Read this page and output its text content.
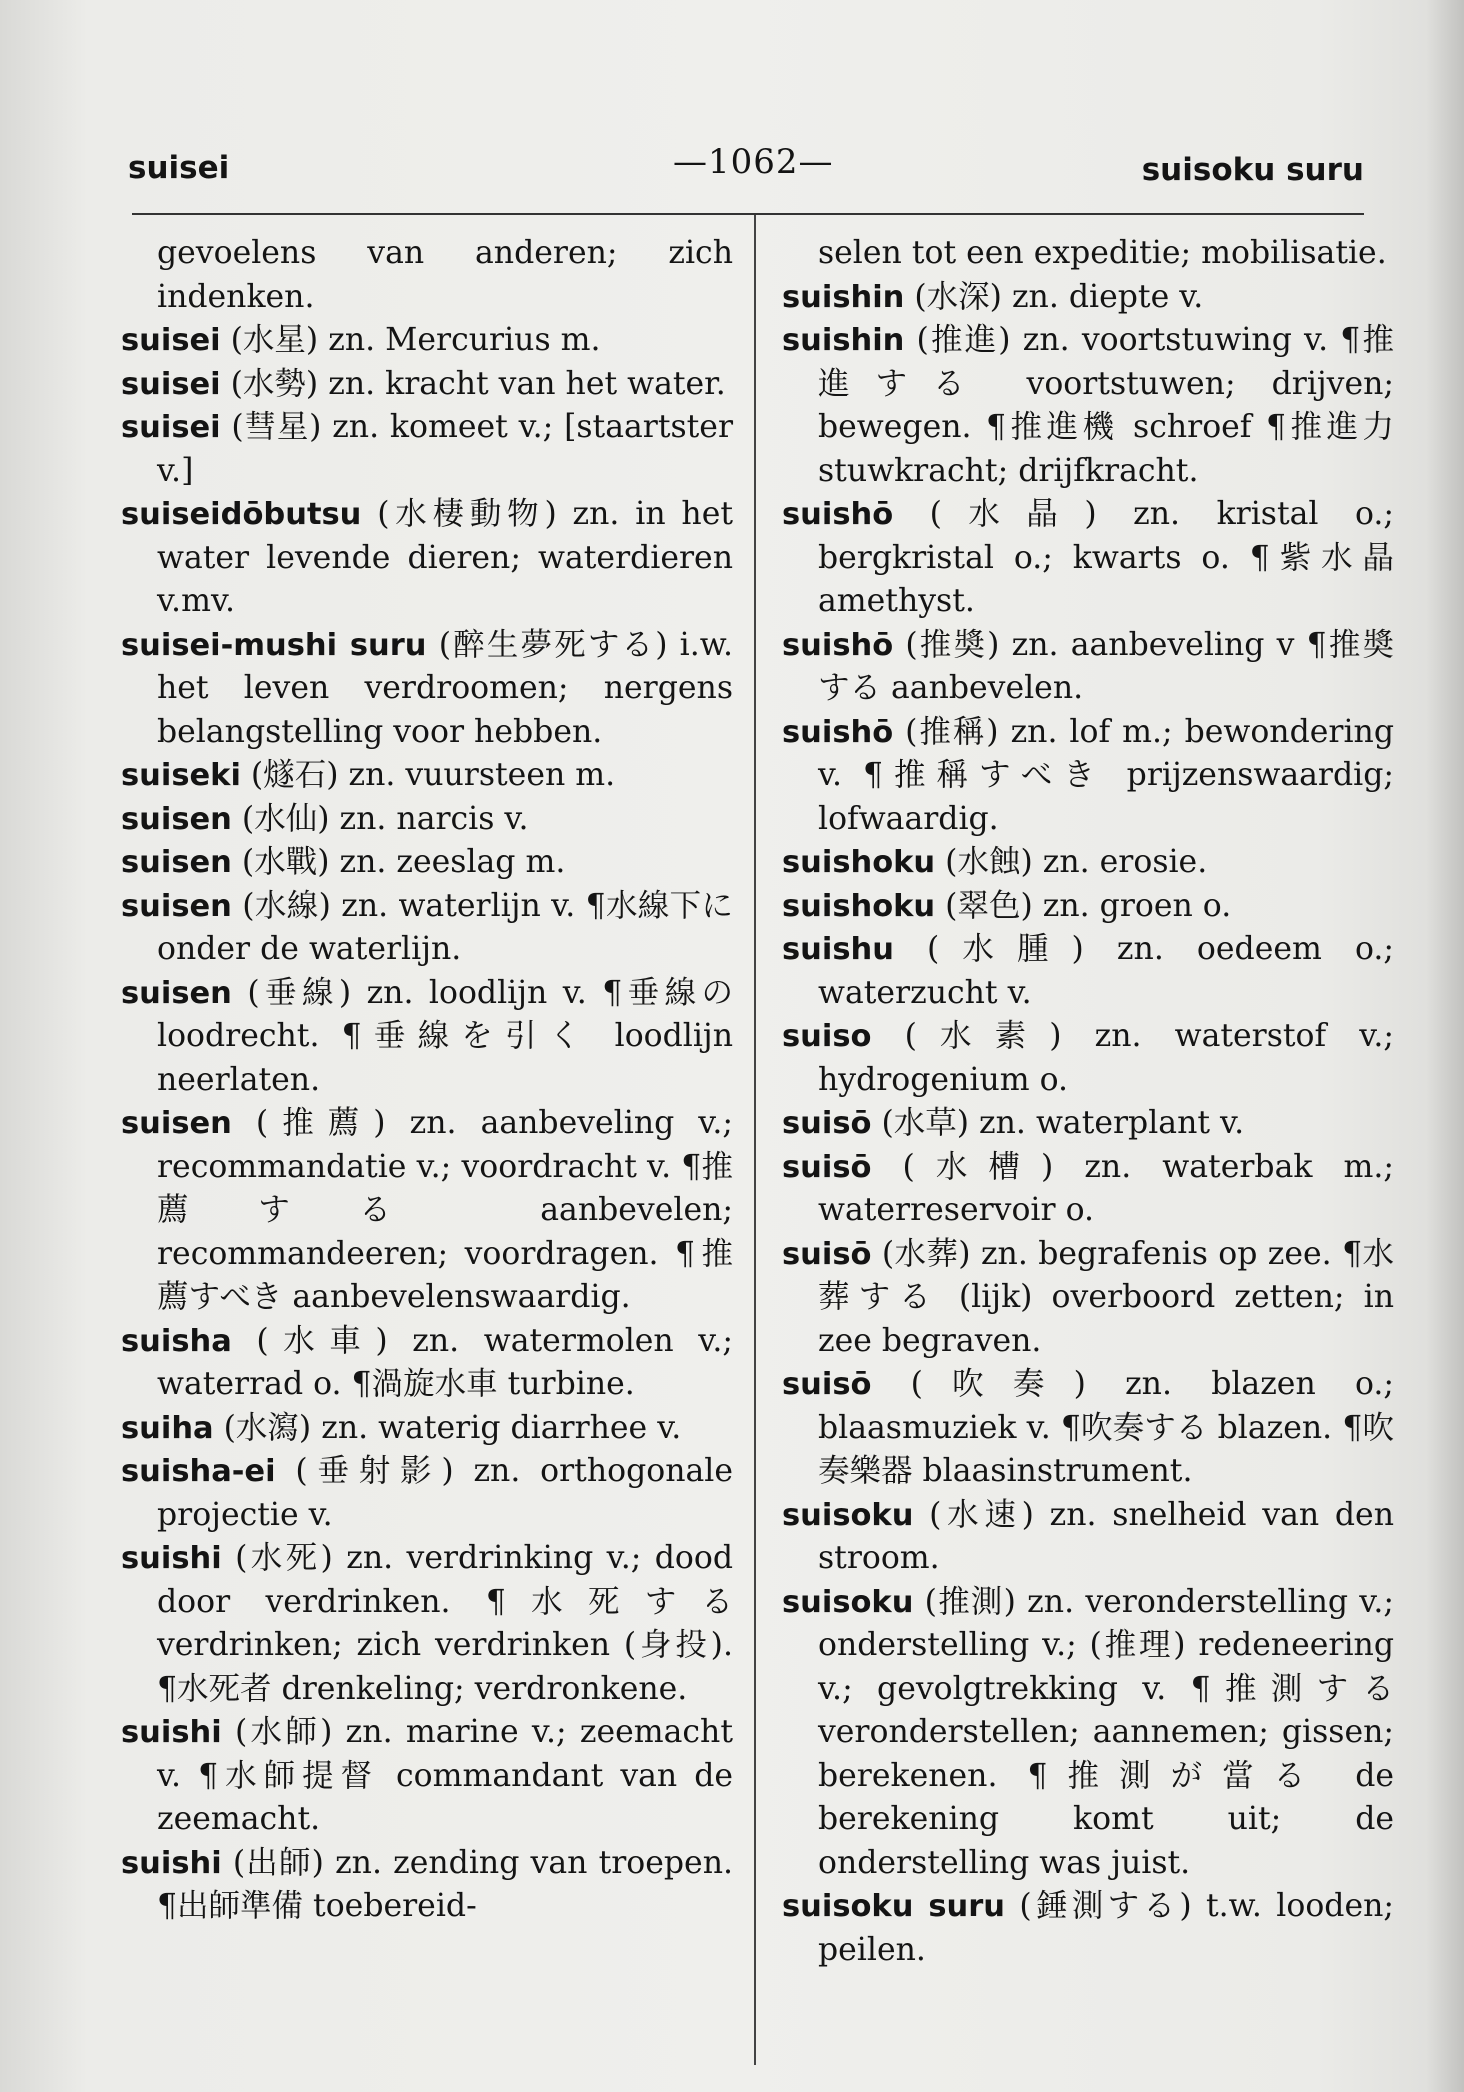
suisei	—1062—	suisoku suru

gevoelens van anderen; zich indenken.

suisei (水星) zn. Mercurius m.

suisei (水勢) zn. kracht van het water.

suisei (彗星) zn. komeet v.; [staartster v.]

suiseidōbutsu (水棲動物) zn. in het water levende dieren; waterdieren v.mv.

suisei-mushi suru (醉生夢死する) i.w. het leven verdroomen; nergens belangstelling voor hebben.

suiseki (燧石) zn. vuursteen m.

suisen (水仙) zn. narcis v.

suisen (水戰) zn. zeeslag m.

suisen (水線) zn. waterlijn v. ¶水線下に onder de waterlijn.

suisen (垂線) zn. loodlijn v. ¶垂線の loodrecht. ¶垂線を引く loodlijn neerlaten.

suisen (推薦) zn. aanbeveling v.; recommandatie v.; voordracht v. ¶推薦する aanbevelen; recommandeeren; voordragen. ¶推薦すべき aanbevelenswaardig.

suisha (水車) zn. watermolen v.; waterrad o. ¶渦旋水車 turbine.

suiha (水瀉) zn. waterig diarrhee v.

suisha-ei (垂射影) zn. orthogonale projectie v.

suishi (水死) zn. verdrinking v.; dood door verdrinken. ¶水死する verdrinken; zich verdrinken (身投). ¶水死者 drenkeling; verdronkene.

suishi (水師) zn. marine v.; zeemacht v. ¶水師提督 commandant van de zeemacht.

suishi (出師) zn. zending van troepen. ¶出師準備 toebereid-

selen tot een expeditie; mobilisatie.

suishin (水深) zn. diepte v.

suishin (推進) zn. voortstuwing v. ¶推進する voortstuwen; drijven; bewegen. ¶推進機 schroef ¶推進力 stuwkracht; drijfkracht.

suishō (水晶) zn. kristal o.; bergkristal o.; kwarts o. ¶紫水晶 amethyst.

suishō (推奬) zn. aanbeveling v ¶推奬する aanbevelen.

suishō (推稱) zn. lof m.; bewondering v. ¶推稱すべき prijzenswaardig; lofwaardig.

suishoku (水蝕) zn. erosie.

suishoku (翠色) zn. groen o.

suishu (水腫) zn. oedeem o.; waterzucht v.

suiso (水素) zn. waterstof v.; hydrogenium o.

suisō (水草) zn. waterplant v.

suisō (水槽) zn. waterbak m.; waterreservoir o.

suisō (水葬) zn. begrafenis op zee. ¶水葬する (lijk) overboord zetten; in zee begraven.

suisō (吹奏) zn. blazen o.; blaasmuziek v. ¶吹奏する blazen. ¶吹奏樂器 blaasinstrument.

suisoku (水速) zn. snelheid van den stroom.

suisoku (推測) zn. veronderstelling v.; onderstelling v.; (推理) redeneering v.; gevolgtrekking v. ¶推測する veronderstellen; aannemen; gissen; berekenen. ¶推測が當る de berekening komt uit; de onderstelling was juist.

suisoku suru (錘測する) t.w. looden; peilen.
